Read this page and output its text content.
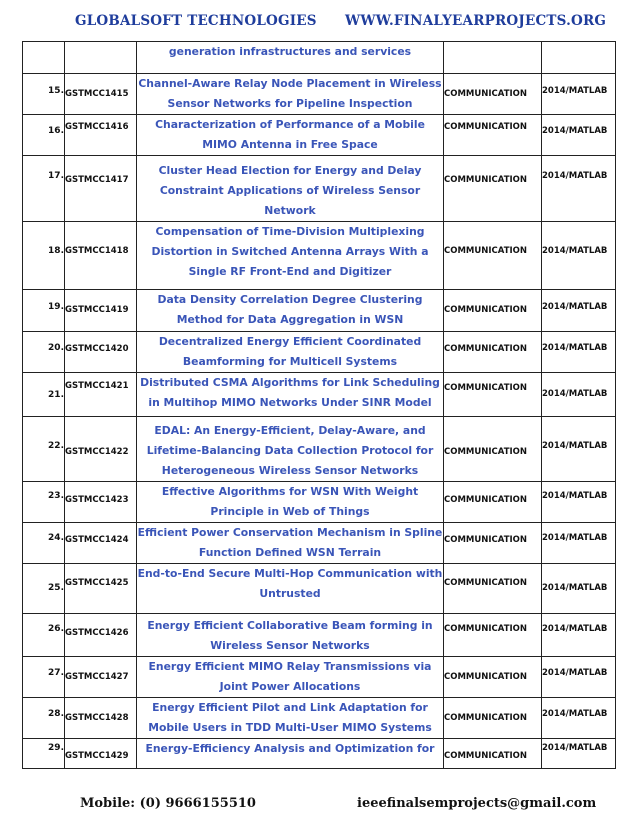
GLOBALSOFT TECHNOLOGIES WWW.FINALYEARPROJECTS.ORG

		generation infrastructures and services		

15.	GSTMCC1415	Channel-Aware Relay Node Placement in Wireless Sensor Networks for Pipeline Inspection	COMMUNICATION	2014/MATLAB

16.	GSTMCC1416	Characterization of Performance of a Mobile MIMO Antenna in Free Space	COMMUNICATION	2014/MATLAB

17.	GSTMCC1417	Cluster Head Election for Energy and Delay Constraint Applications of Wireless Sensor Network	COMMUNICATION	2014/MATLAB

18.	GSTMCC1418	Compensation of Time-Division Multiplexing Distortion in Switched Antenna Arrays With a Single RF Front-End and Digitizer	COMMUNICATION	2014/MATLAB

19.	GSTMCC1419	Data Density Correlation Degree Clustering Method for Data Aggregation in WSN	COMMUNICATION	2014/MATLAB

20.	GSTMCC1420	Decentralized Energy Efficient Coordinated Beamforming for Multicell Systems	COMMUNICATION	2014/MATLAB

21.	GSTMCC1421	Distributed CSMA Algorithms for Link Scheduling in Multihop MIMO Networks Under SINR Model	COMMUNICATION	2014/MATLAB

22.	GSTMCC1422	EDAL: An Energy-Efficient, Delay-Aware, and Lifetime-Balancing Data Collection Protocol for Heterogeneous Wireless Sensor Networks	COMMUNICATION	2014/MATLAB

23.	GSTMCC1423	Effective Algorithms for WSN With Weight Principle in Web of Things	COMMUNICATION	2014/MATLAB

24.	GSTMCC1424	Efficient Power Conservation Mechanism in Spline Function Defined WSN Terrain	COMMUNICATION	2014/MATLAB

25.	GSTMCC1425	End-to-End Secure Multi-Hop Communication with Untrusted	COMMUNICATION	2014/MATLAB

26.	GSTMCC1426	Energy Efficient Collaborative Beam forming in Wireless Sensor Networks	COMMUNICATION	2014/MATLAB

27.	GSTMCC1427	Energy Efficient MIMO Relay Transmissions via Joint Power Allocations	COMMUNICATION	2014/MATLAB

28.	GSTMCC1428	Energy Efficient Pilot and Link Adaptation for Mobile Users in TDD Multi-User MIMO Systems	COMMUNICATION	2014/MATLAB

29.	GSTMCC1429	Energy-Efficiency Analysis and Optimization for	COMMUNICATION	2014/MATLAB
Mobile: (0) 9666155510	ieeefinalsemprojects@gmail.com
